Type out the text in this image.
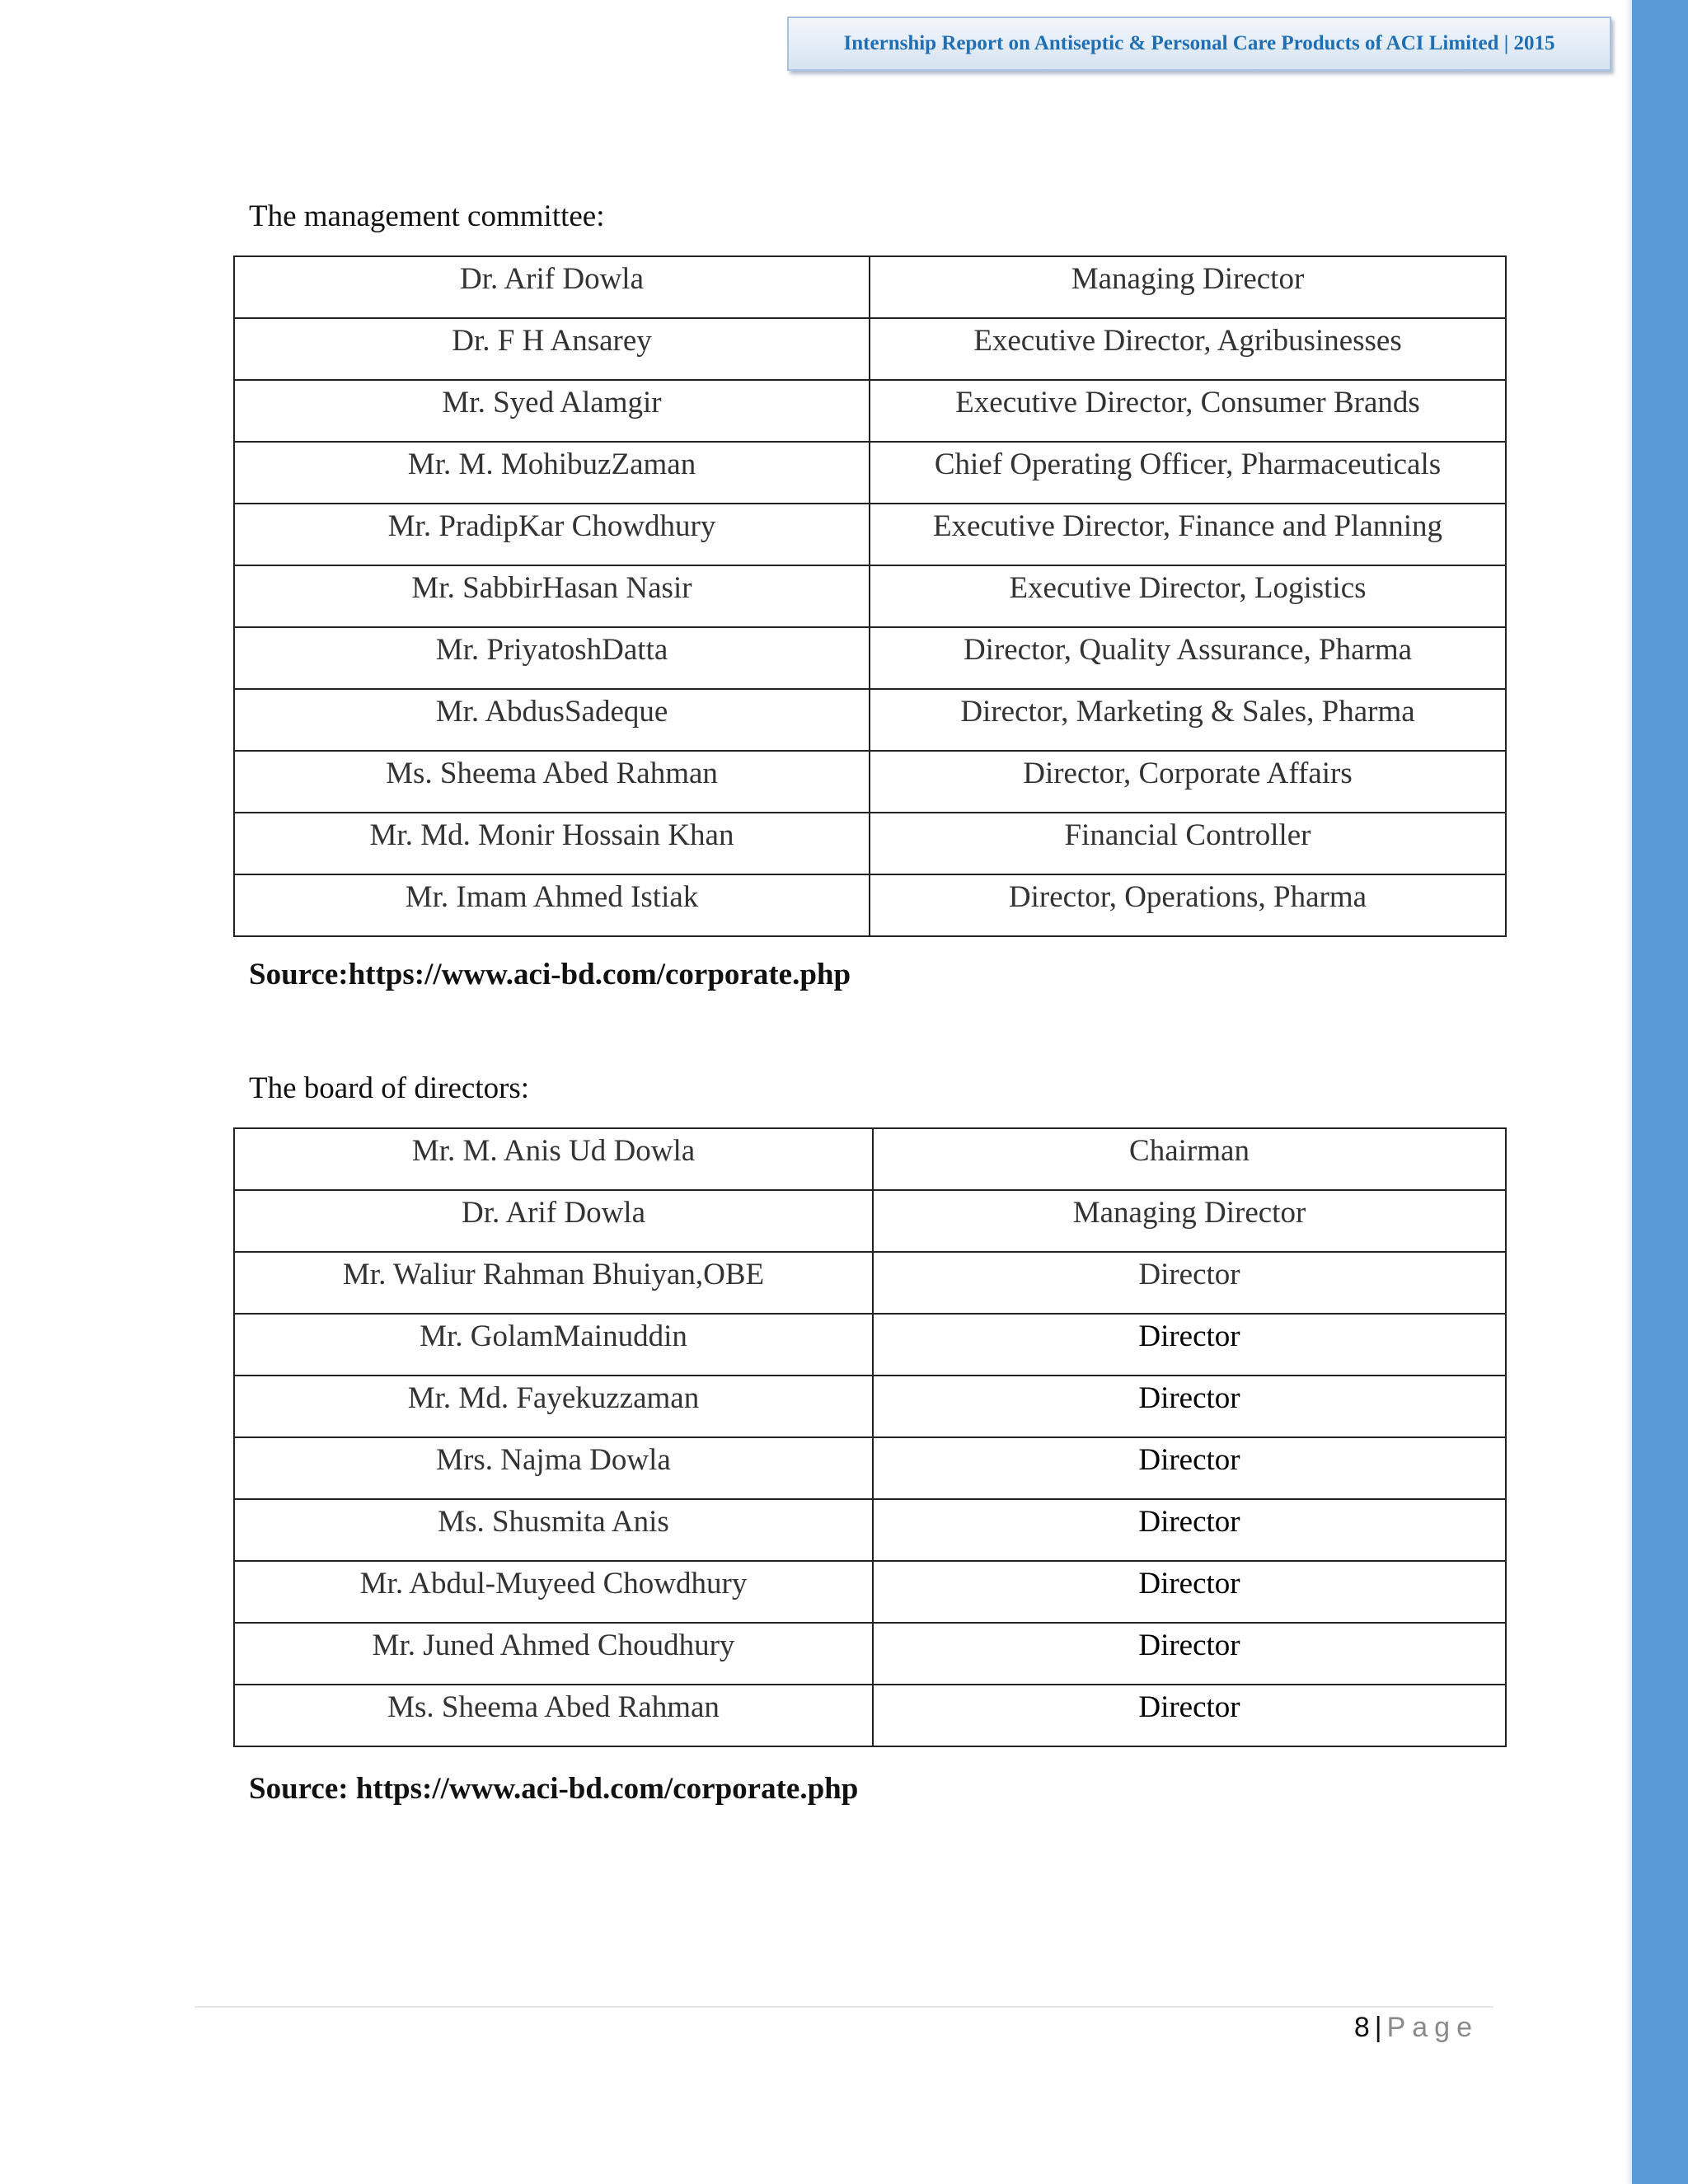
Internship Report on Antiseptic & Personal Care Products of ACI Limited | 2015
The management committee:
Dr. Arif Dowla	Managing Director
Dr. F H Ansarey	Executive Director, Agribusinesses
Mr. Syed Alamgir	Executive Director, Consumer Brands
Mr. M. MohibuzZaman	Chief Operating Officer, Pharmaceuticals
Mr. PradipKar Chowdhury	Executive Director, Finance and Planning
Mr. SabbirHasan Nasir	Executive Director, Logistics
Mr. PriyatoshDatta	Director, Quality Assurance, Pharma
Mr. AbdusSadeque	Director, Marketing & Sales, Pharma
Ms. Sheema Abed Rahman	Director, Corporate Affairs
Mr. Md. Monir Hossain Khan	Financial Controller
Mr. Imam Ahmed Istiak	Director, Operations, Pharma
Source:https://www.aci-bd.com/corporate.php
The board of directors:
Mr. M. Anis Ud Dowla	Chairman
Dr. Arif Dowla	Managing Director
Mr. Waliur Rahman Bhuiyan,OBE	Director
Mr. GolamMainuddin	Director
Mr. Md. Fayekuzzaman	Director
Mrs. Najma Dowla	Director
Ms. Shusmita Anis	Director
Mr. Abdul-Muyeed Chowdhury	Director
Mr. Juned Ahmed Choudhury	Director
Ms. Sheema Abed Rahman	Director
Source: https://www.aci-bd.com/corporate.php
8 | Page
